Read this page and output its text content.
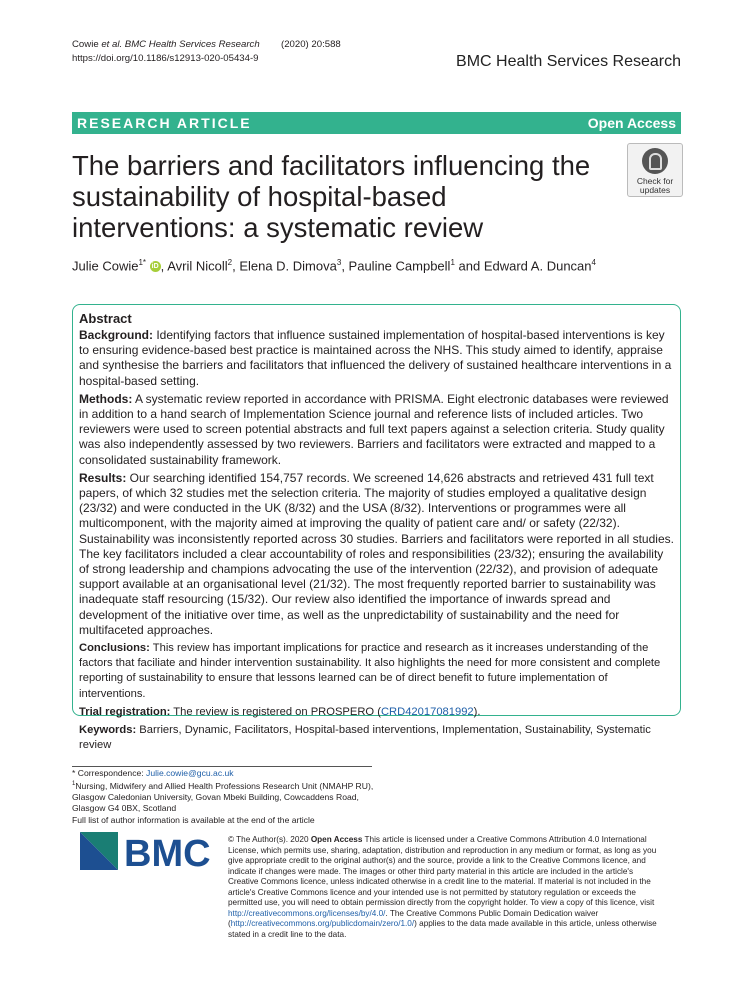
Cowie et al. BMC Health Services Research (2020) 20:588
https://doi.org/10.1186/s12913-020-05434-9	BMC Health Services Research
RESEARCH ARTICLE	Open Access
The barriers and facilitators influencing the sustainability of hospital-based interventions: a systematic review
Check for
updates
Julie Cowie$^{1*}$ iD , Avril Nicoll$^2$, Elena D. Dimova$^3$, Pauline Campbell$^1$ and Edward A. Duncan$^4$
Abstract

Background: Identifying factors that influence sustained implementation of hospital-based interventions is key to ensuring evidence-based best practice is maintained across the NHS. This study aimed to identify, appraise and synthesise the barriers and facilitators that influenced the delivery of sustained healthcare interventions in a hospital-based setting.

Methods: A systematic review reported in accordance with PRISMA. Eight electronic databases were reviewed in addition to a hand search of Implementation Science journal and reference lists of included articles. Two reviewers were used to screen potential abstracts and full text papers against a selection criteria. Study quality was also independently assessed by two reviewers. Barriers and facilitators were extracted and mapped to a consolidated sustainability framework.

Results: Our searching identified 154,757 records. We screened 14,626 abstracts and retrieved 431 full text papers, of which 32 studies met the selection criteria. The majority of studies employed a qualitative design (23/32) and were conducted in the UK (8/32) and the USA (8/32). Interventions or programmes were all multicomponent, with the majority aimed at improving the quality of patient care and/ or safety (22/32). Sustainability was inconsistently reported across 30 studies. Barriers and facilitators were reported in all studies. The key facilitators included a clear accountability of roles and responsibilities (23/32); ensuring the availability of strong leadership and champions advocating the use of the intervention (22/32), and provision of adequate support available at an organisational level (21/32). The most frequently reported barrier to sustainability was inadequate staff resourcing (15/32). Our review also identified the importance of inwards spread and development of the initiative over time, as well as the unpredictability of sustainability and the need for multifaceted approaches.

Conclusions: This review has important implications for practice and research as it increases understanding of the factors that faciliate and hinder intervention sustainability. It also highlights the need for more consistent and complete reporting of sustainability to ensure that lessons learned can be of direct benefit to future implementation of interventions.

Trial registration: The review is registered on PROSPERO (CRD42017081992).

Keywords: Barriers, Dynamic, Facilitators, Hospital-based interventions, Implementation, Sustainability, Systematic review

* Correspondence: Julie.cowie@gcu.ac.uk
$^1$Nursing, Midwifery and Allied Health Professions Research Unit (NMAHP RU), Glasgow Caledonian University, Govan Mbeki Building, Cowcaddens Road, Glasgow G4 0BX, Scotland
Full list of author information is available at the end of the article
BMC © The Author(s). 2020 Open Access This article is licensed under a Creative Commons Attribution 4.0 International License, which permits use, sharing, adaptation, distribution and reproduction in any medium or format, as long as you give appropriate credit to the original author(s) and the source, provide a link to the Creative Commons licence, and indicate if changes were made. The images or other third party material in this article are included in the article's Creative Commons licence, unless indicated otherwise in a credit line to the material. If material is not included in the article's Creative Commons licence and your intended use is not permitted by statutory regulation or exceeds the permitted use, you will need to obtain permission directly from the copyright holder. To view a copy of this licence, visit http://creativecommons.org/licenses/by/4.0/. The Creative Commons Public Domain Dedication waiver (http://creativecommons.org/publicdomain/zero/1.0/) applies to the data made available in this article, unless otherwise stated in a credit line to the data.
